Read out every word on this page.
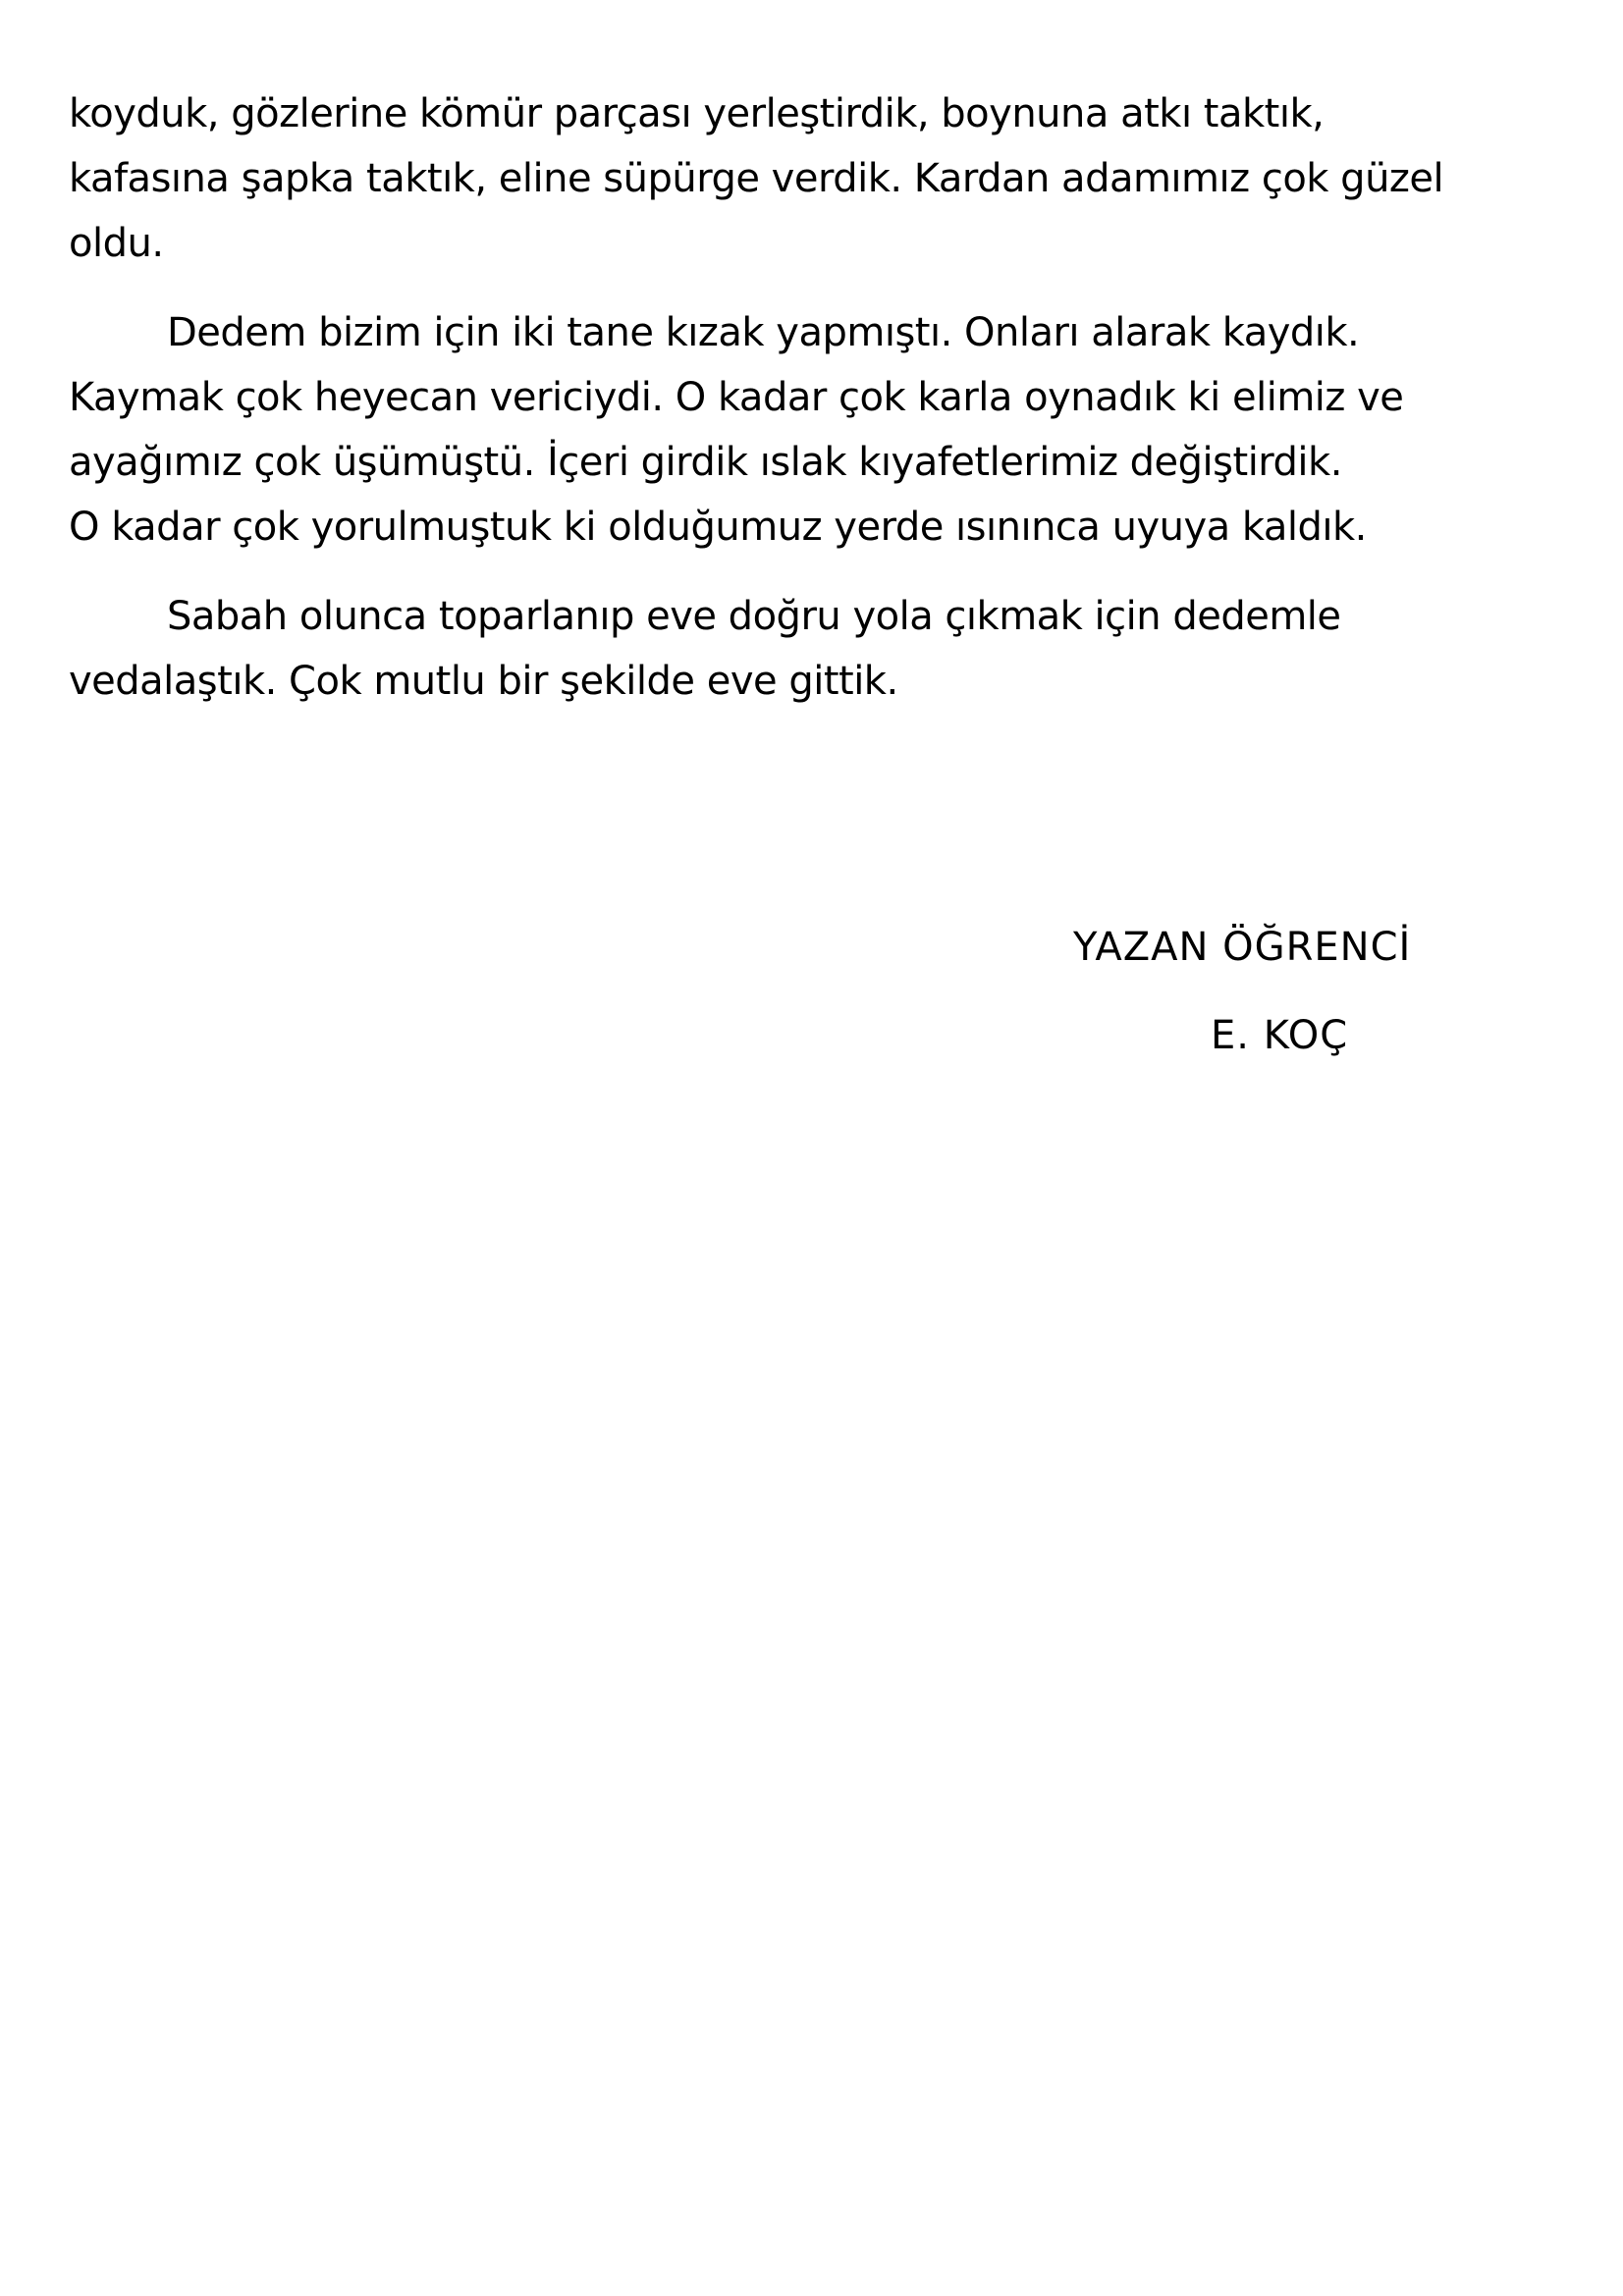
koyduk, gözlerine kömür parçası yerleştirdik, boynuna atkı taktık,
kafasına şapka taktık, eline süpürge verdik. Kardan adamımız çok güzel
oldu.
Dedem bizim için iki tane kızak yapmıştı. Onları alarak kaydık.
Kaymak çok heyecan vericiydi. O kadar çok karla oynadık ki elimiz ve
ayağımız çok üşümüştü. İçeri girdik ıslak kıyafetlerimiz değiştirdik.
O kadar çok yorulmuştuk ki olduğumuz yerde ısınınca uyuya kaldık.
Sabah olunca toparlanıp eve doğru yola çıkmak için dedemle
vedalaştık. Çok mutlu bir şekilde eve gittik.
YAZAN ÖĞRENCİ
E. KOÇ
